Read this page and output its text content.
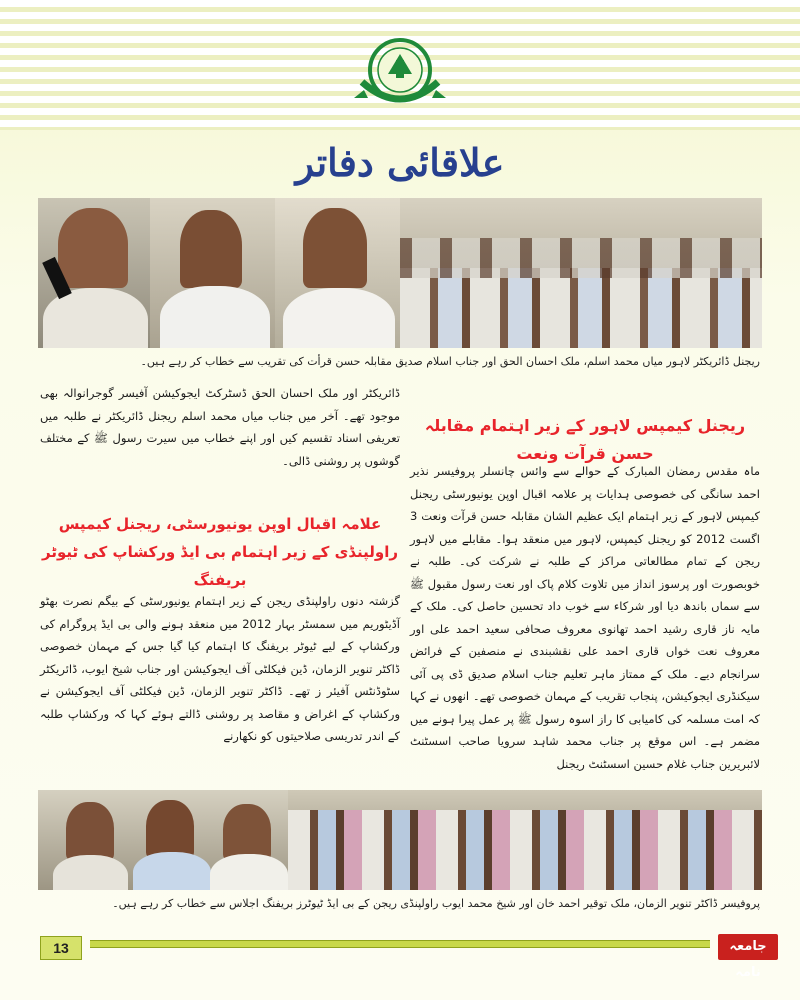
علاقائی دفاتر
ریجنل ڈائریکٹر لاہور میاں محمد اسلم، ملک احسان الحق اور جناب اسلام صدیق مقابلہ حسن قرأت کی تقریب سے خطاب کر رہے ہیں۔
ڈائریکٹر اور ملک احسان الحق ڈسٹرکٹ ایجوکیشن آفیسر گوجرانوالہ بھی موجود تھے۔ آخر میں جناب میاں محمد اسلم ریجنل ڈائریکٹر نے طلبہ میں تعریفی اسناد تقسیم کیں اور اپنے خطاب میں سیرت رسول ﷺ کے مختلف گوشوں پر روشنی ڈالی۔
ریجنل کیمپس لاہور کے زیر اہتمام مقابلہ حسن قرآت ونعت
ماہ مقدس رمضان المبارک کے حوالے سے وائس چانسلر پروفیسر نذیر احمد سانگی کی خصوصی ہدایات پر علامہ اقبال اوپن یونیورسٹی ریجنل کیمپس لاہور کے زیر اہتمام ایک عظیم الشان مقابلہ حسن قرآت ونعت 3 اگست 2012 کو ریجنل کیمپس، لاہور میں منعقد ہوا۔ مقابلے میں لاہور ریجن کے تمام مطالعاتی مراکز کے طلبہ نے شرکت کی۔ طلبہ نے خوبصورت اور پرسوز انداز میں تلاوت کلام پاک اور نعت رسول مقبول ﷺ سے سماں باندھ دیا اور شرکاء سے خوب داد تحسین حاصل کی۔ ملک کے مایہ ناز قاری رشید احمد تھانوی معروف صحافی سعید احمد علی اور معروف نعت خواں قاری احمد علی نقشبندی نے منصفین کے فرائض سرانجام دیے۔ ملک کے ممتاز ماہر تعلیم جناب اسلام صدیق ڈی پی آئی سیکنڈری ایجوکیشن، پنجاب تقریب کے مہمان خصوصی تھے۔ انھوں نے کہا کہ امت مسلمہ کی کامیابی کا راز اسوہ رسول ﷺ پر عمل پیرا ہونے میں مضمر ہے۔ اس موقع پر جناب محمد شاہد سرویا صاحب اسسٹنٹ لائبریرین جناب غلام حسین اسسٹنٹ ریجنل
علامہ اقبال اوپن یونیورسٹی، ریجنل کیمپس راولپنڈی کے زیر اہتمام بی ایڈ ورکشاپ کی ٹیوٹر بریفنگ
گزشتہ دنوں راولپنڈی ریجن کے زیر اہتمام یونیورسٹی کے بیگم نصرت بھٹو آڈیٹوریم میں سمسٹر بہار 2012 میں منعقد ہونے والی بی ایڈ پروگرام کی ورکشاپ کے لیے ٹیوٹر بریفنگ کا اہتمام کیا گیا جس کے مہمان خصوصی ڈاکٹر تنویر الزمان، ڈین فیکلٹی آف ایجوکیشن اور جناب شیخ ایوب، ڈائریکٹر سٹوڈنٹس آفیئر ز تھے۔ ڈاکٹر تنویر الزمان، ڈین فیکلٹی آف ایجوکیشن نے ورکشاپ کے اغراض و مقاصد پر روشنی ڈالتے ہوئے کہا کہ ورکشاپ طلبہ کے اندر تدریسی صلاحیتوں کو نکھارنے
پروفیسر ڈاکٹر تنویر الزمان، ملک توقیر احمد خان اور شیخ محمد ایوب راولپنڈی ریجن کے بی ایڈ ٹیوٹرز بریفنگ اجلاس سے خطاب کر رہے ہیں۔
13	جامعہ نامہ
